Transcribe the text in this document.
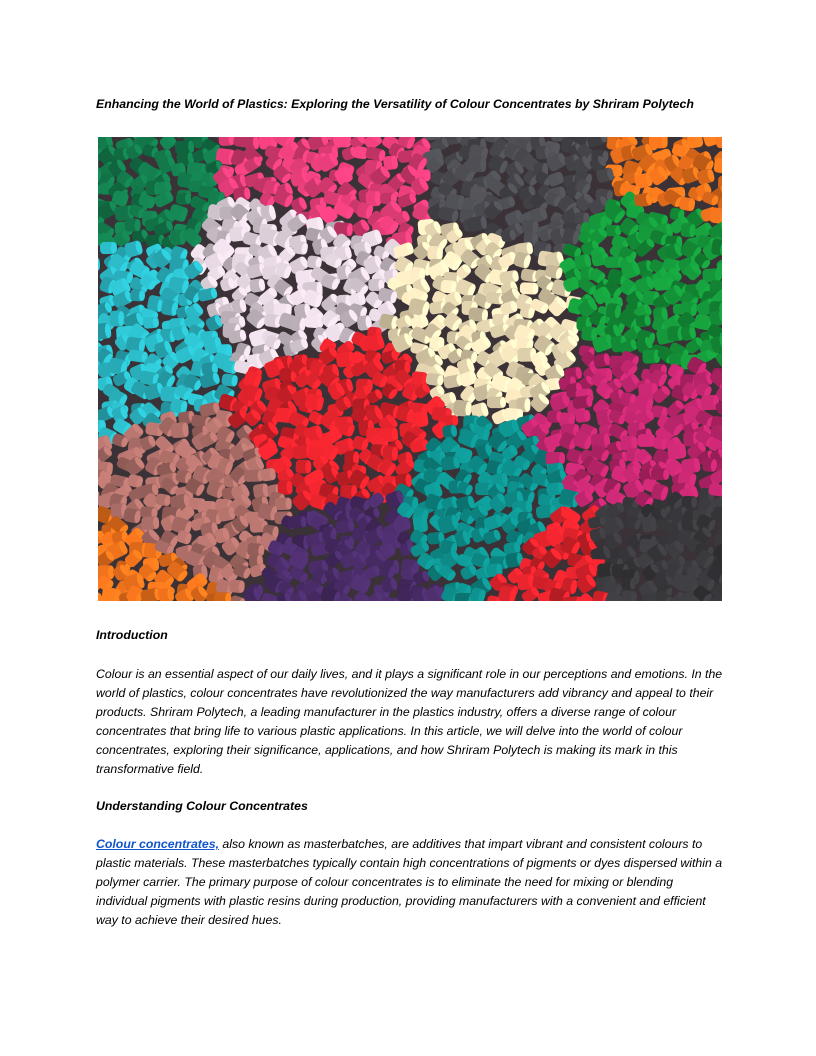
Enhancing the World of Plastics: Exploring the Versatility of Colour Concentrates by Shriram Polytech
Introduction
Colour is an essential aspect of our daily lives, and it plays a significant role in our perceptions and emotions. In the
world of plastics, colour concentrates have revolutionized the way manufacturers add vibrancy and appeal to their
products. Shriram Polytech, a leading manufacturer in the plastics industry, offers a diverse range of colour
concentrates that bring life to various plastic applications. In this article, we will delve into the world of colour
concentrates, exploring their significance, applications, and how Shriram Polytech is making its mark in this
transformative field.
Understanding Colour Concentrates
Colour concentrates, also known as masterbatches, are additives that impart vibrant and consistent colours to
plastic materials. These masterbatches typically contain high concentrations of pigments or dyes dispersed within a
polymer carrier. The primary purpose of colour concentrates is to eliminate the need for mixing or blending
individual pigments with plastic resins during production, providing manufacturers with a convenient and efficient
way to achieve their desired hues.
